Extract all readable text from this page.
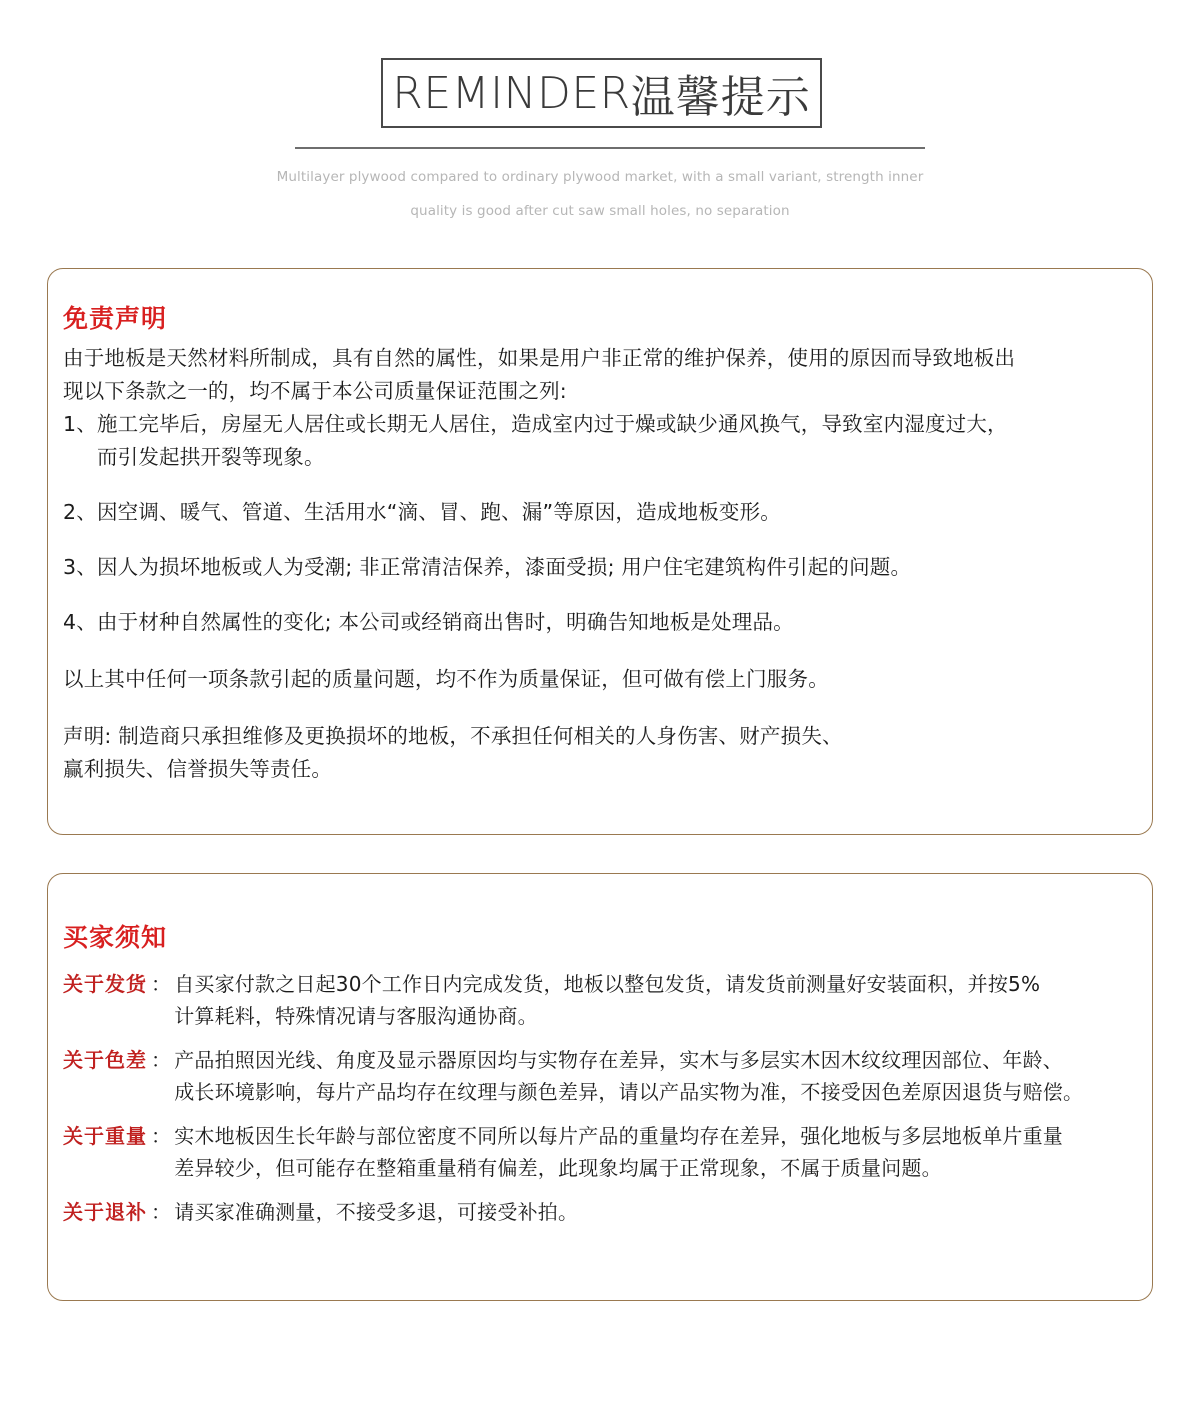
REMINDER 温馨提示
Multilayer plywood compared to ordinary plywood market, with a small variant, strength inner
quality is good after cut saw small holes, no separation
免责声明
由于地板是天然材料所制成，具有自然的属性，如果是用户非正常的维护保养，使用的原因而导致地板出
现以下条款之一的，均不属于本公司质量保证范围之列:
1、 施工完毕后，房屋无人居住或长期无人居住，造成室内过于燥或缺少通风换气，导致室内湿度过大，
而引发起拱开裂等现象。
2、 因空调、暖气、管道、生活用水“滴、冒、跑、漏”等原因，造成地板变形。
3、 因人为损坏地板或人为受潮; 非正常清洁保养，漆面受损; 用户住宅建筑构件引起的问题。
4、 由于材种自然属性的变化; 本公司或经销商出售时，明确告知地板是处理品。
以上其中任何一项条款引起的质量问题，均不作为质量保证，但可做有偿上门服务。
声明: 制造商只承担维修及更换损坏的地板，不承担任何相关的人身伤害、财产损失、
赢利损失、信誉损失等责任。
买家须知
关于发货 ： 自买家付款之日起30个工作日内完成发货，地板以整包发货，请发货前测量好安装面积，并按5%
计算耗料，特殊情况请与客服沟通协商。
关于色差 ： 产品拍照因光线、角度及显示器原因均与实物存在差异，实木与多层实木因木纹纹理因部位、年龄、
成长环境影响，每片产品均存在纹理与颜色差异，请以产品实物为准，不接受因色差原因退货与赔偿。
关于重量 ： 实木地板因生长年龄与部位密度不同所以每片产品的重量均存在差异，强化地板与多层地板单片重量
差异较少，但可能存在整箱重量稍有偏差，此现象均属于正常现象，不属于质量问题。
关于退补 ： 请买家准确测量，不接受多退，可接受补拍。
